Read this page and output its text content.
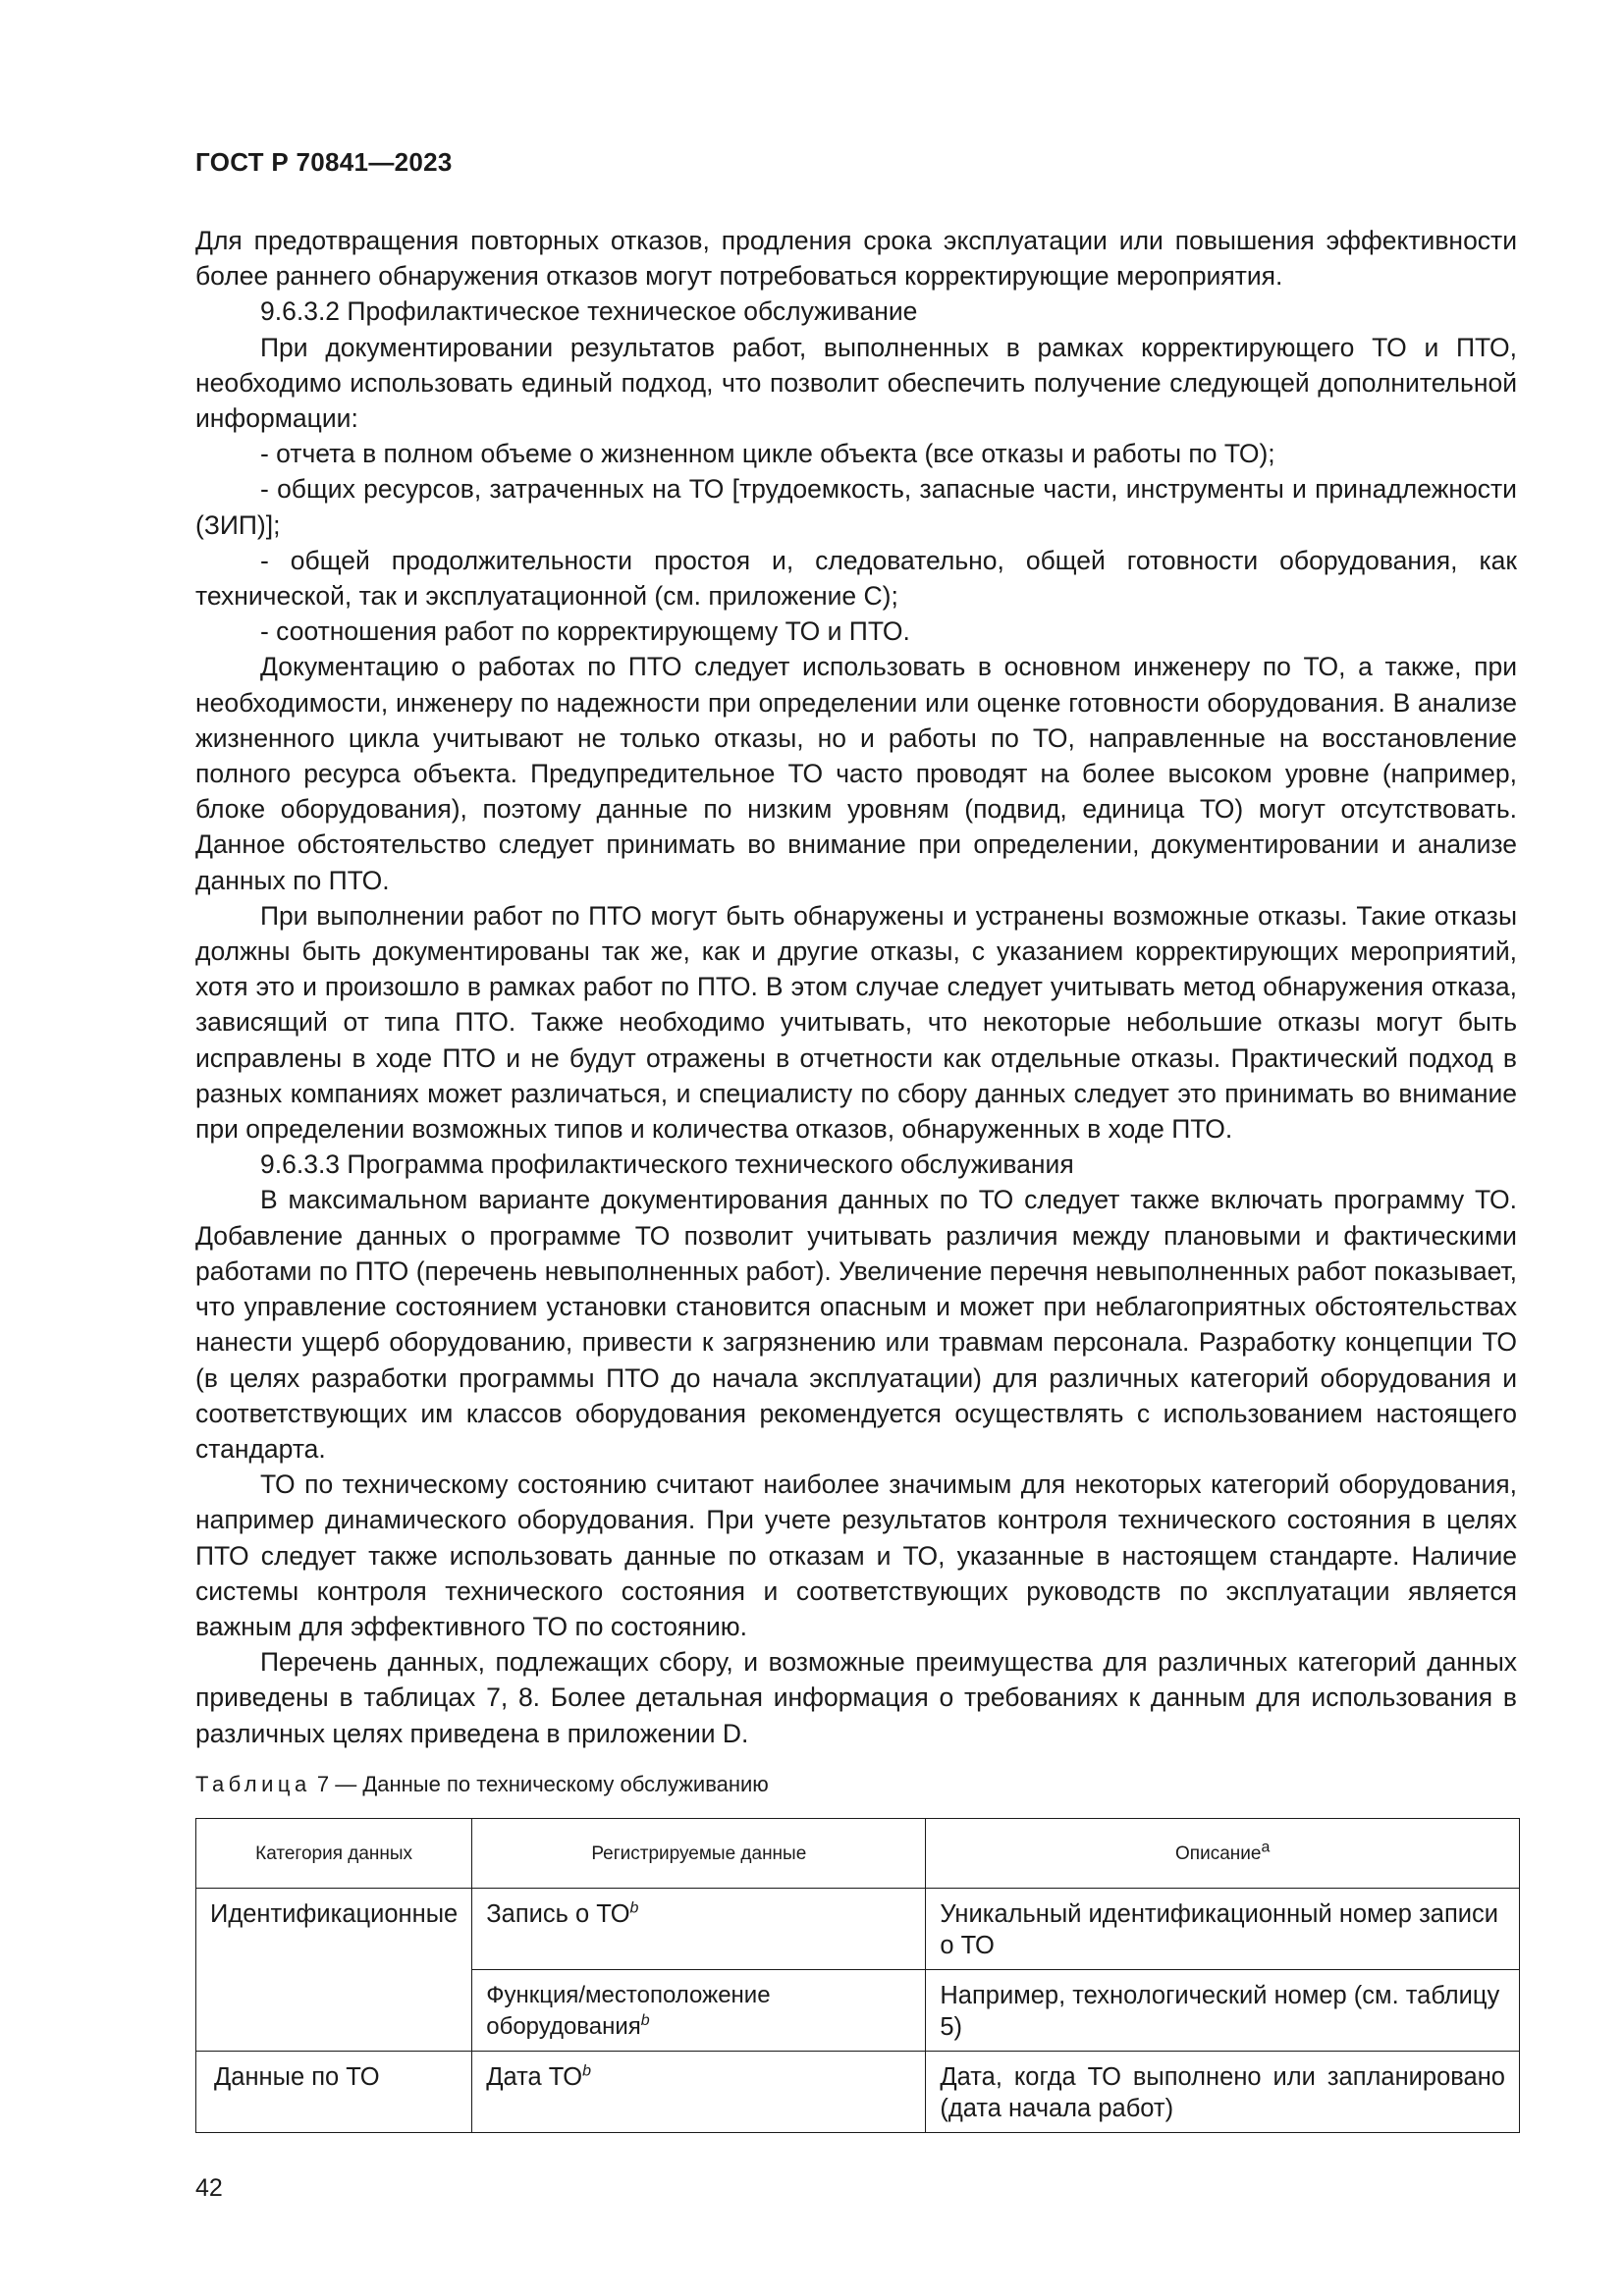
ГОСТ Р 70841—2023

Для предотвращения повторных отказов, продления срока эксплуатации или повышения эффективности более раннего обнаружения отказов могут потребоваться корректирующие мероприятия.

9.6.3.2 Профилактическое техническое обслуживание

При документировании результатов работ, выполненных в рамках корректирующего ТО и ПТО, необходимо использовать единый подход, что позволит обеспечить получение следующей дополнительной информации:

- отчета в полном объеме о жизненном цикле объекта (все отказы и работы по ТО);

- общих ресурсов, затраченных на ТО [трудоемкость, запасные части, инструменты и принадлежности (ЗИП)];

- общей продолжительности простоя и, следовательно, общей готовности оборудования, как технической, так и эксплуатационной (см. приложение C);

- соотношения работ по корректирующему ТО и ПТО.

Документацию о работах по ПТО следует использовать в основном инженеру по ТО, а также, при необходимости, инженеру по надежности при определении или оценке готовности оборудования. В анализе жизненного цикла учитывают не только отказы, но и работы по ТО, направленные на восстановление полного ресурса объекта. Предупредительное ТО часто проводят на более высоком уровне (например, блоке оборудования), поэтому данные по низким уровням (подвид, единица ТО) могут отсутствовать. Данное обстоятельство следует принимать во внимание при определении, документировании и анализе данных по ПТО.

При выполнении работ по ПТО могут быть обнаружены и устранены возможные отказы. Такие отказы должны быть документированы так же, как и другие отказы, с указанием корректирующих мероприятий, хотя это и произошло в рамках работ по ПТО. В этом случае следует учитывать метод обнаружения отказа, зависящий от типа ПТО. Также необходимо учитывать, что некоторые небольшие отказы могут быть исправлены в ходе ПТО и не будут отражены в отчетности как отдельные отказы. Практический подход в разных компаниях может различаться, и специалисту по сбору данных следует это принимать во внимание при определении возможных типов и количества отказов, обнаруженных в ходе ПТО.

9.6.3.3 Программа профилактического технического обслуживания

В максимальном варианте документирования данных по ТО следует также включать программу ТО. Добавление данных о программе ТО позволит учитывать различия между плановыми и фактическими работами по ПТО (перечень невыполненных работ). Увеличение перечня невыполненных работ показывает, что управление состоянием установки становится опасным и может при неблагоприятных обстоятельствах нанести ущерб оборудованию, привести к загрязнению или травмам персонала. Разработку концепции ТО (в целях разработки программы ПТО до начала эксплуатации) для различных категорий оборудования и соответствующих им классов оборудования рекомендуется осуществлять с использованием настоящего стандарта.

ТО по техническому состоянию считают наиболее значимым для некоторых категорий оборудования, например динамического оборудования. При учете результатов контроля технического состояния в целях ПТО следует также использовать данные по отказам и ТО, указанные в настоящем стандарте. Наличие системы контроля технического состояния и соответствующих руководств по эксплуатации является важным для эффективного ТО по состоянию.

Перечень данных, подлежащих сбору, и возможные преимущества для различных категорий данных приведены в таблицах 7, 8. Более детальная информация о требованиях к данным для использования в различных целях приведена в приложении D.

Таблица 7 — Данные по техническому обслуживанию
Категория данных	Регистрируемые данные	Описание$^a$
Идентификационные	Запись о $ТО^b$	Уникальный идентификационный номер записи о ТО
	Функция/местоположение оборудования$^b$	Например, технологический номер (см. таблицу 5)
Данные по ТО	Дата $ТО^b$	Дата, когда ТО выполнено или запланировано (дата начала работ)
42
